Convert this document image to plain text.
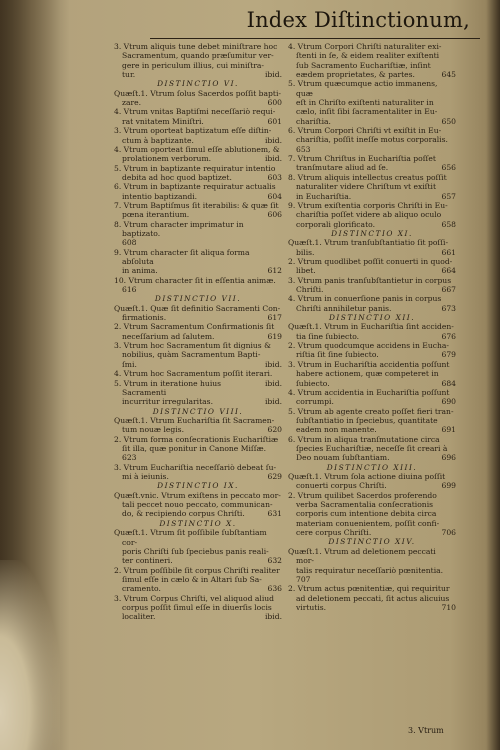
Index Diſtinctionum,
3. Vtrum aliquis tune debet miniſtrare hoc
Sacramentum, quando præſumitur ver-
gere in periculum illius, cui miniſtra-
tur.	ibid.
DISTINCTIO VI.
Quæſt.1. Vtrum ſolus Sacerdos poſſit bapti-
zare.	600
4. Vtrum vnitas Baptiſmi neceſſariò requi-
rat vnitatem Miniſtri.	601
3. Vtrum oporteat baptizatum eſſe diſtin-
ctum à baptizante.	ibid.
4. Vtrum oporteat ſimul eſſe ablutionem, &
prolationem verborum.	ibid.
5. Vtrum in baptizante requiratur intentio
debita ad hoc quod baptizet.	603
6. Vtrum in baptizante requiratur actualis
intentio baptizandi.	604
7. Vtrum Baptiſmus ſit iterabilis: & quæ ſit
pœna iterantium.	606
8. Vtrum character imprimatur in baptizato.
608
9. Vtrum character ſit aliqua forma abſoluta
in anima.	612
10. Vtrum character ſit in eſſentia animæ.
616
DISTINCTIO VII.
Quæſt.1. Quæ ſit definitio Sacramenti Con-
firmationis.	617
2. Vtrum Sacramentum Confirmationis ſit
neceſſarium ad ſalutem.	619
3. Vtrum hoc Sacramentum ſit dignius &
nobilius, quàm Sacramentum Bapti-
ſmi.	ibid.
4. Vtrum hoc Sacramentum poſſit iterari.
ibid.
5. Vtrum in iteratione huius Sacramenti
incurritur irregularitas.	ibid.
DISTINCTIO VIII.
Quæſt.1. Vtrum Euchariſtia ſit Sacramen-
tum nouæ legis.	620
2. Vtrum forma conſecrationis Euchariſtiæ
ſit illa, quæ ponitur in Canone Miſſæ.
623
3. Vtrum Euchariſtia neceſſariò debeat ſu-
mi à ieiunis.	629
DISTINCTIO IX.
Quæſt.vnic. Vtrum exiſtens in peccato mor-
tali peccet nouo peccato, communican-
do, & recipiendo corpus Chriſti.	631
DISTINCTIO X.
Quæſt.1. Vtrum ſit poſſibile ſubſtantiam cor-
poris Chriſti ſub ſpeciebus panis reali-
ter contineri.	632
2. Vtrum poſſibile ſit corpus Chriſti realiter
ſimul eſſe in cælo & in Altari ſub Sa-
cramento.	636
3. Vtrum Corpus Chriſti, vel aliquod aliud
corpus poſſit ſimul eſſe in diuerſis locis
localiter.	ibid.
4. Vtrum Corpori Chriſti naturaliter exi-
ſtenti in ſe, & eidem realiter exiſtenti
ſub Sacramento Euchariſtiæ, inſint
eædem proprietates, & partes.	645
5. Vtrum quæcumque actio immanens, quæ
eſt in Chriſto exiſtenti naturaliter in
cælo, inſit ſibi ſacramentaliter in Eu-
chariſtia.	650
6. Vtrum Corpori Chriſti vt exiſtit in Eu-
chariſtia, poſſit ineſſe motus corporalis.
653
7. Vtrum Chriſtus in Euchariſtia poſſet
tranſmutare aliud ad ſe.	656
8. Vtrum aliquis intellectus creatus poſſit
naturaliter videre Chriſtum vt exiſtit
in Euchariſtia.	657
9. Vtrum exiſtentia corporis Chriſti in Eu-
chariſtia poſſet videre ab aliquo oculo
corporali glorificato.	658
DISTINCTIO XI.
Quæſt.1. Vtrum tranſubſtantiatio ſit poſſi-
bilis.	661
2. Vtrum quodlibet poſſit conuerti in quod-
libet.	664
3. Vtrum panis tranſubſtantietur in corpus
Chriſti.	667
4. Vtrum in conuerſione panis in corpus
Chriſti annihiletur panis.	673
DISTINCTIO XII.
Quæſt.1. Vtrum in Euchariſtia ſint acciden-
tia ſine ſubiecto.	676
2. Vtrum quodcumque accidens in Eucha-
riſtia ſit ſine ſubiecto.	679
3. Vtrum in Euchariſtia accidentia poſſunt
habere actionem, quæ competeret in
ſubiecto.	684
4. Vtrum accidentia in Euchariſtia poſſunt
corrumpi.	690
5. Vtrum ab agente creato poſſet fieri tran-
ſubſtantiatio in ſpeciebus, quantitate
eadem non manente.	691
6. Vtrum in aliqua tranſmutatione circa
ſpecies Euchariſtiæ, neceſſe ſit creari à
Deo nouam ſubſtantiam.	696
DISTINCTIO XIII.
Quæſt.1. Vtrum ſola actione diuina poſſit
conuerti corpus Chriſti.	699
2. Vtrum quilibet Sacerdos proferendo
verba Sacramentalia conſecrationis
corporis cum intentione debita circa
materiam conuenientem, poſſit confi-
cere corpus Chriſti.	706
DISTINCTIO XIV.
Quæſt.1. Vtrum ad deletionem peccati mor-
talis requiratur neceſſariò pœnitentia.
707
2. Vtrum actus pœnitentiæ, qui requiritur
ad deletionem peccati, ſit actus alicuius
virtutis.	710
3. Vtrum
